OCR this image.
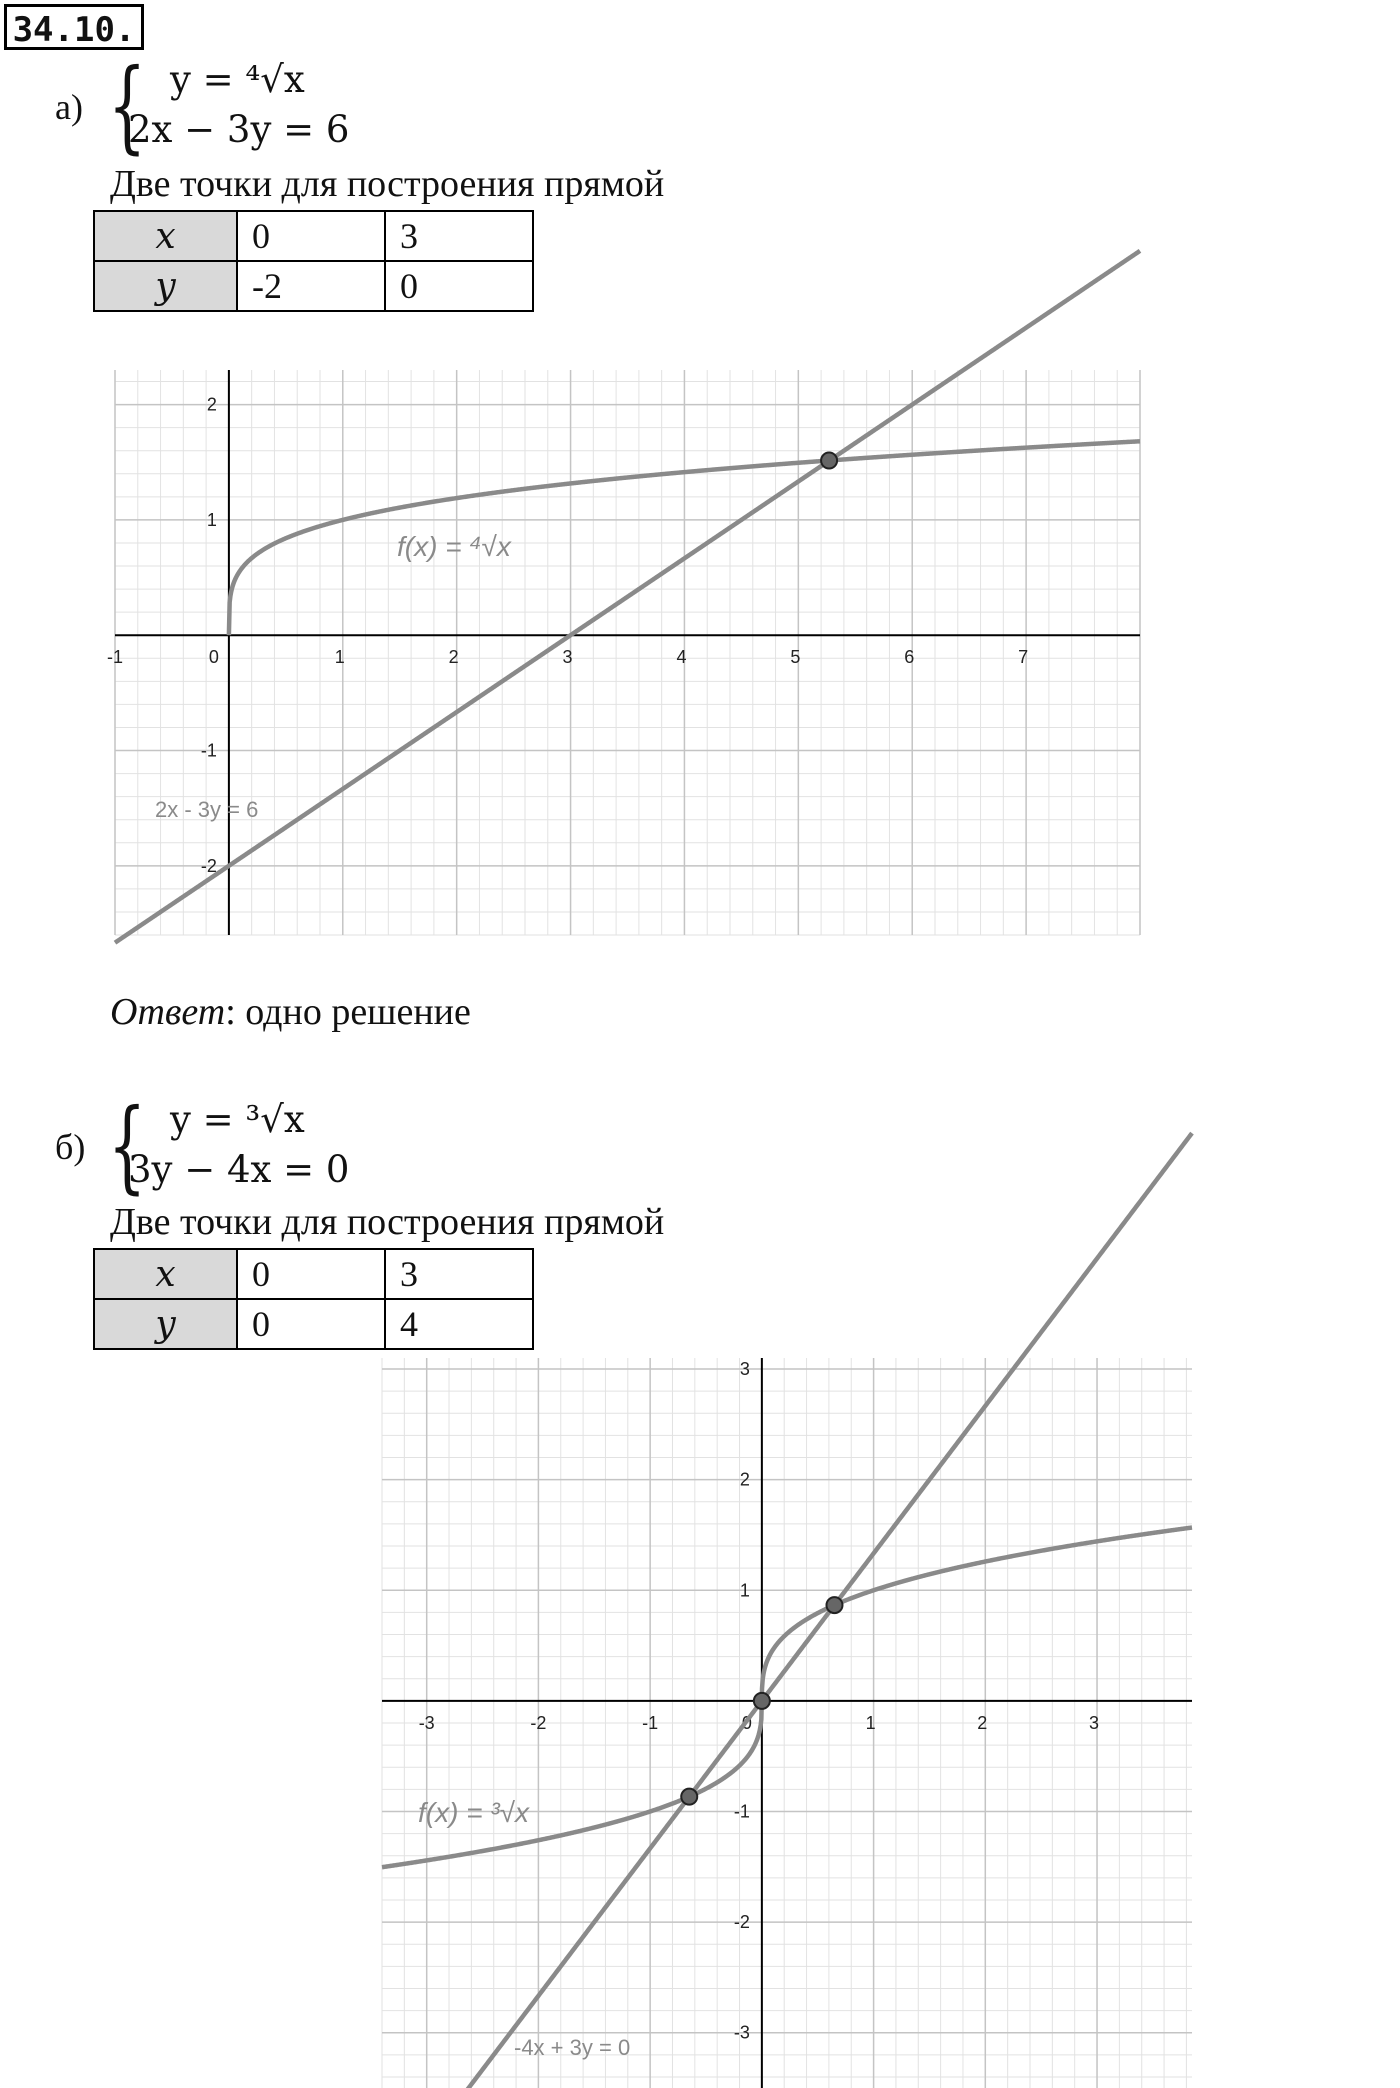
34.10.
а) { y = ⁴√x
2x − 3y = 6
Две точки для построения прямой
x	0	3
y	-2	0
-1	0	1	2	3	4	5	6	7
-2
-1
1
2
f(x) = ⁴√x
2x - 3y = 6
Ответ: одно решение
б) { y = ³√x
3y − 4x = 0
Две точки для построения прямой
x	0	3
y	0	4
-3	-2	-1	0	1	2	3
-3
-2
-1
1
2
3
f(x) = ³√x
-4x + 3y = 0
